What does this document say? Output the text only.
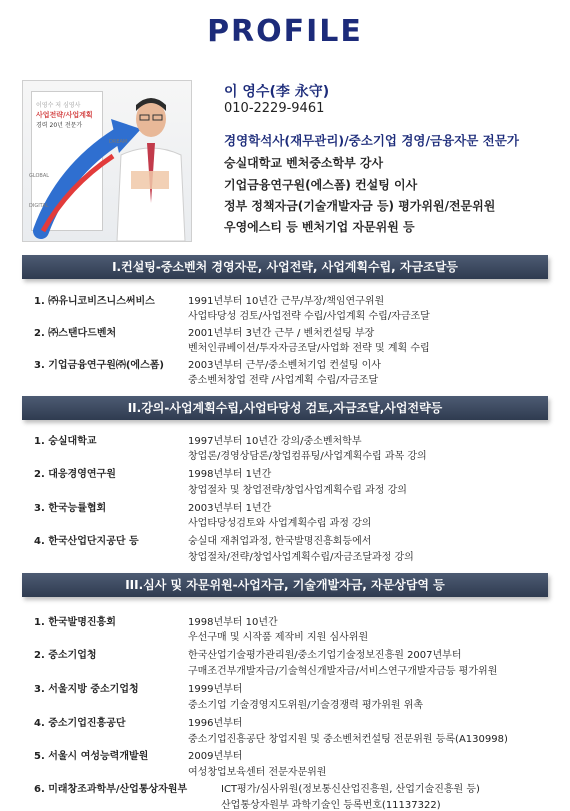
PROFILE
이영수 저 심영사
사업전략/사업계획
경력 20년 전문가
DREAM
GLOBAL
DIGITAL
이 영수(李 永守)
010-2229-9461
경영학석사(재무관리)/중소기업 경영/금융자문 전문가
숭실대학교 벤처중소학부 강사
기업금융연구원(에스폼) 컨설팅 이사
정부 정책자금(기술개발자금 등) 평가위원/전문위원
우영에스티 등 벤처기업 자문위원 등
I.컨설팅-중소벤처 경영자문, 사업전략, 사업계획수립, 자금조달등
1. ㈜유니코비즈니스써비스	1991년부터 10년간 근무/부장/책임연구위원
사업타당성 검토/사업전략 수립/사업계획 수립/자금조달
2. ㈜스탠다드벤처	2001년부터 3년간 근무 / 벤처컨설팅 부장
벤처인큐베이션/투자자금조달/사업화 전략 및 계획 수립
3. 기업금융연구원㈜(에스폼) 2003년부터 근무/중소벤처기업 컨설팅 이사
중소벤처창업 전략 /사업계획 수립/자금조달
II.강의-사업계획수립,사업타당성 검토,자금조달,사업전략등
1. 숭실대학교	1997년부터 10년간 강의/중소벤처학부
창업론/경영상담론/창업컴퓨팅/사업계획수립 과목 강의
2. 대응경영연구원	1998년부터 1년간
창업절차 및 창업전략/창업사업계획수립 과정 강의
3. 한국능률협회	2003년부터 1년간
사업타당성검토와 사업계획수립 과정 강의
4. 한국산업단지공단 등	숭실대 재취업과정, 한국발명진흥회등에서
창업절차/전략/창업사업계획수립/자금조달과정 강의
III.심사 및 자문위원-사업자금, 기술개발자금, 자문상담역 등
1. 한국발명진흥회	1998년부터 10년간
우선구매 및 시작품 제작비 지원 심사위원
2. 중소기업청	한국산업기술평가관리원/중소기업기술정보진흥원 2007년부터
구매조건부개발자금/기술혁신개발자금/서비스연구개발자금등 평가위원
3. 서울지방 중소기업청	1999년부터
중소기업 기술경영지도위원/기술경쟁력 평가위원 위촉
4. 중소기업진흥공단	1996년부터
중소기업진흥공단 창업지원 및 중소벤처컨설팅 전문위원 등록(A130998)
5. 서울시 여성능력개발원	2009년부터
여성창업보육센터 전문자문위원
6. 미래창조과학부/산업통상자원부	ICT평가/심사위원(정보통신산업진흥원, 산업기술진흥원 등)
산업통상자원부 과학기술인 등록번호(11137322)
